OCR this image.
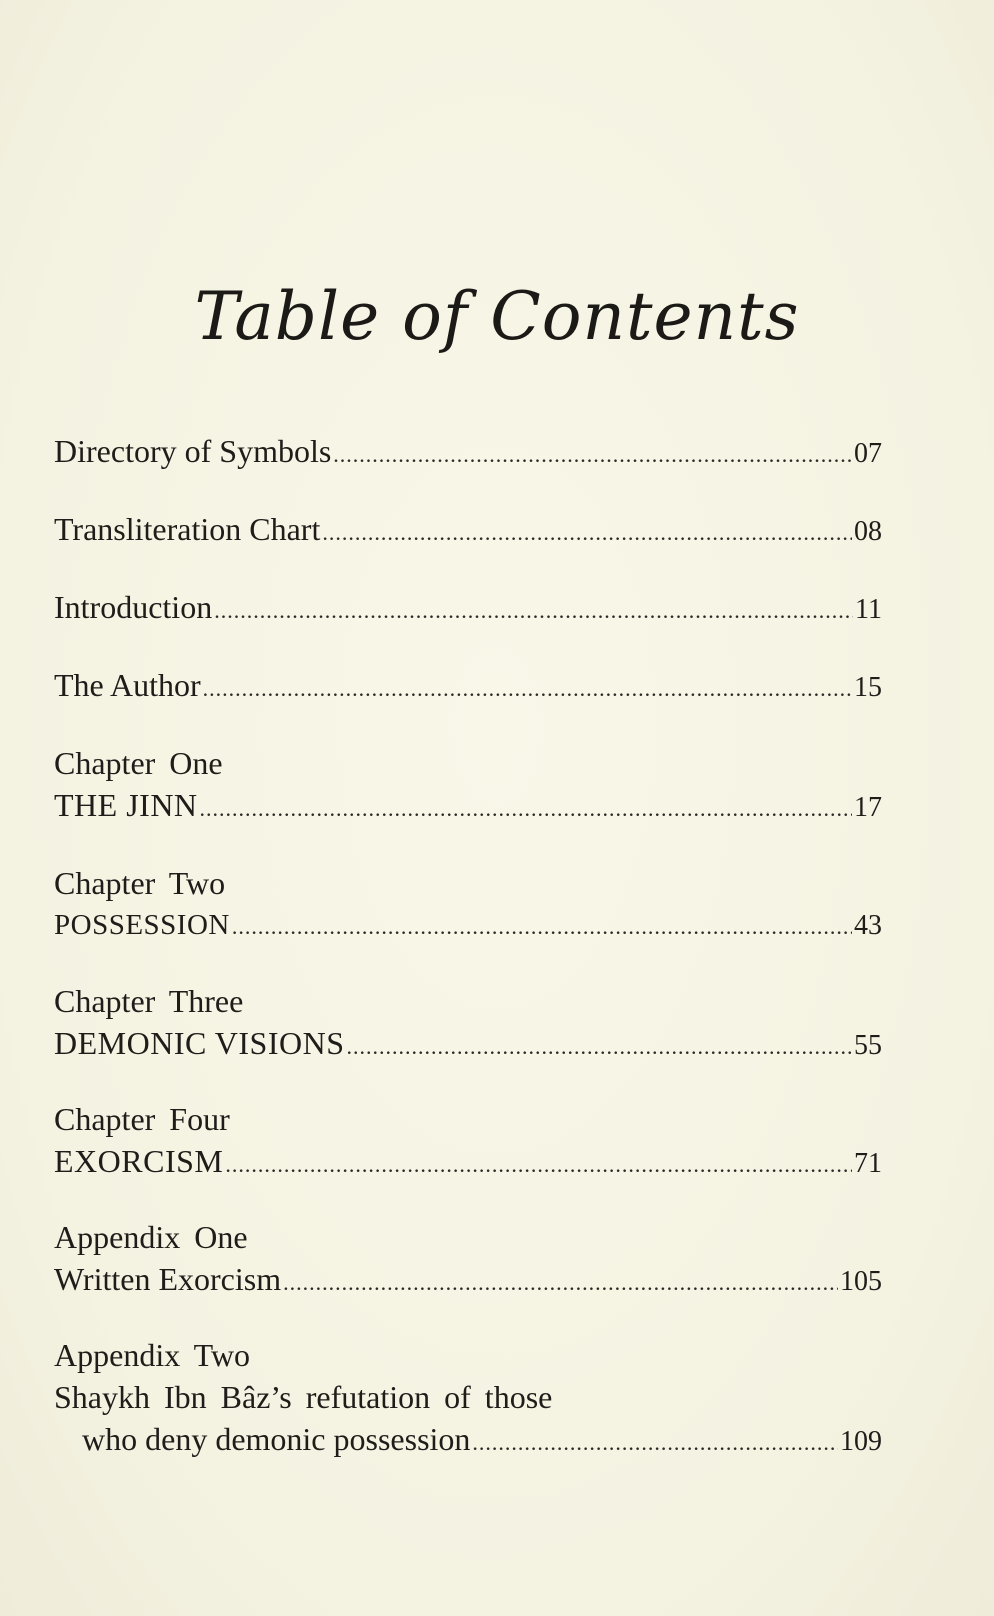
Table of Contents
Directory of Symbols .....	07
Transliteration Chart .....	08
Introduction .....	11
The Author .....	15
Chapter One
THE JINN .....	17
Chapter Two
POSSESSION .....	43
Chapter Three
DEMONIC VISIONS .....	55
Chapter Four
EXORCISM .....	71
Appendix One
Written Exorcism .....	105
Appendix Two
Shaykh Ibn Bâz’s refutation of those
who deny demonic possession .....	109
